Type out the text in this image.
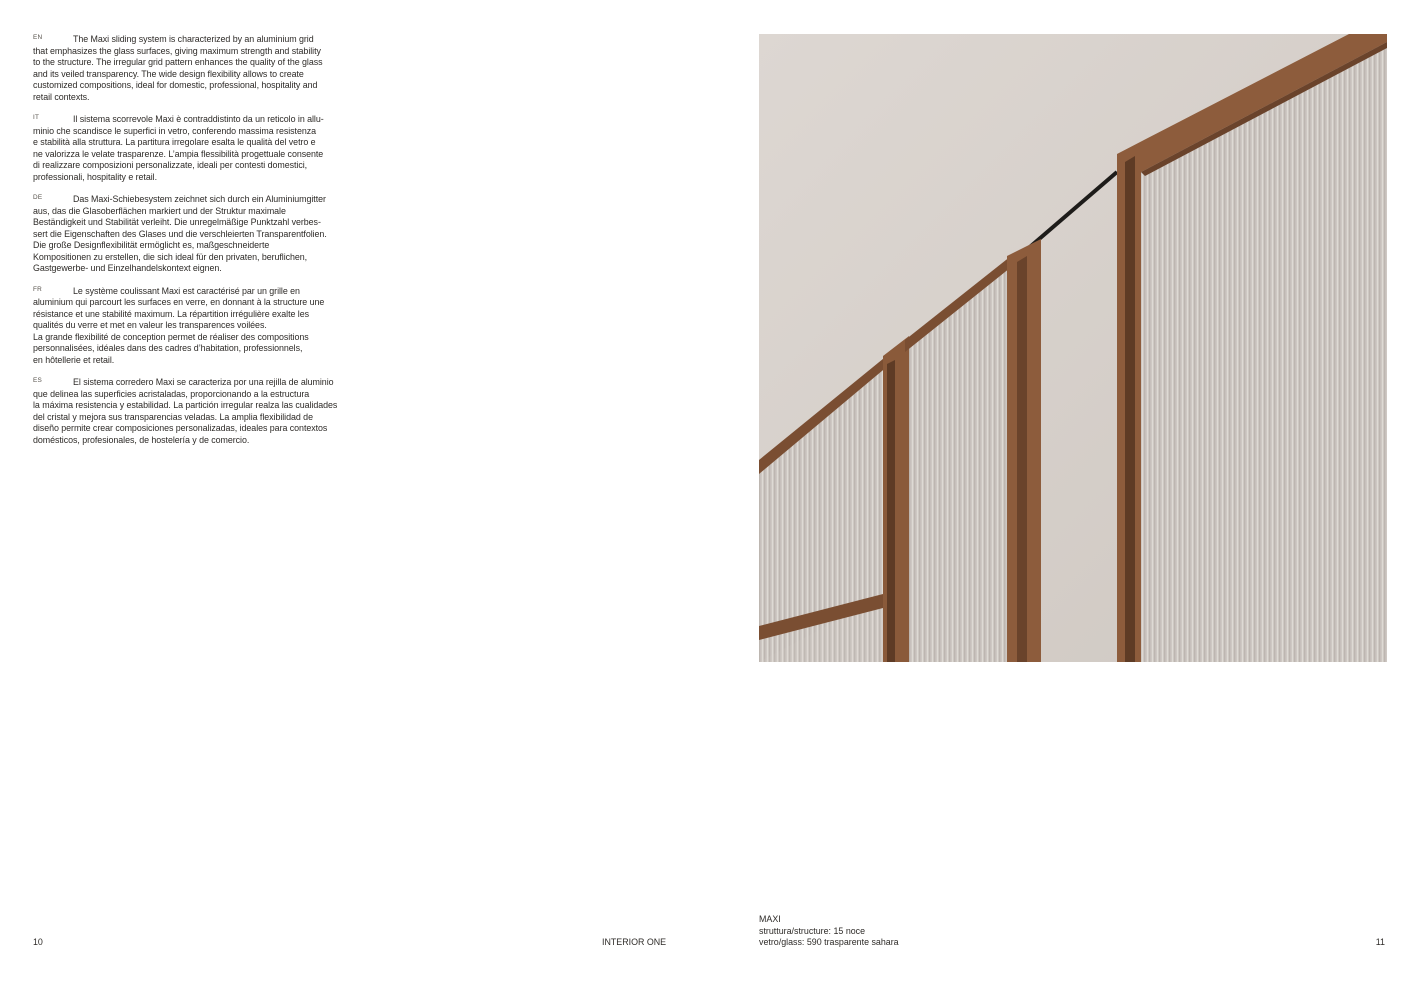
EN	The Maxi sliding system is characterized by an aluminium grid
that emphasizes the glass surfaces, giving maximum strength and stability
to the structure. The irregular grid pattern enhances the quality of the glass
and its veiled transparency. The wide design flexibility allows to create
customized compositions, ideal for domestic, professional, hospitality and
retail contexts.

IT	Il sistema scorrevole Maxi è contraddistinto da un reticolo in allu-
minio che scandisce le superfici in vetro, conferendo massima resistenza
e stabilità alla struttura. La partitura irregolare esalta le qualità del vetro e
ne valorizza le velate trasparenze. L’ampia flessibilità progettuale consente
di realizzare composizioni personalizzate, ideali per contesti domestici,
professionali, hospitality e retail.

DE	Das Maxi-Schiebesystem zeichnet sich durch ein Aluminiumgitter
aus, das die Glasoberflächen markiert und der Struktur maximale
Beständigkeit und Stabilität verleiht. Die unregelmäßige Punktzahl verbes-
sert die Eigenschaften des Glases und die verschleierten Transparentfolien.
Die große Designflexibilität ermöglicht es, maßgeschneiderte
Kompositionen zu erstellen, die sich ideal für den privaten, beruflichen,
Gastgewerbe- und Einzelhandelskontext eignen.

FR	Le système coulissant Maxi est caractérisé par un grille en
aluminium qui parcourt les surfaces en verre, en donnant à la structure une
résistance et une stabilité maximum. La répartition irrégulière exalte les
qualités du verre et met en valeur les transparences voilées.
La grande flexibilité de conception permet de réaliser des compositions
personnalisées, idéales dans des cadres d’habitation, professionnels,
en hôtellerie et retail.

ES	El sistema corredero Maxi se caracteriza por una rejilla de aluminio
que delinea las superficies acristaladas, proporcionando a la estructura
la máxima resistencia y estabilidad. La partición irregular realza las cualidades
del cristal y mejora sus transparencias veladas. La amplia flexibilidad de
diseño permite crear composiciones personalizadas, ideales para contextos
domésticos, profesionales, de hostelería y de comercio.

10	INTERIOR ONE
MAXI
struttura/structure: 15 noce
vetro/glass: 590 trasparente sahara	11
